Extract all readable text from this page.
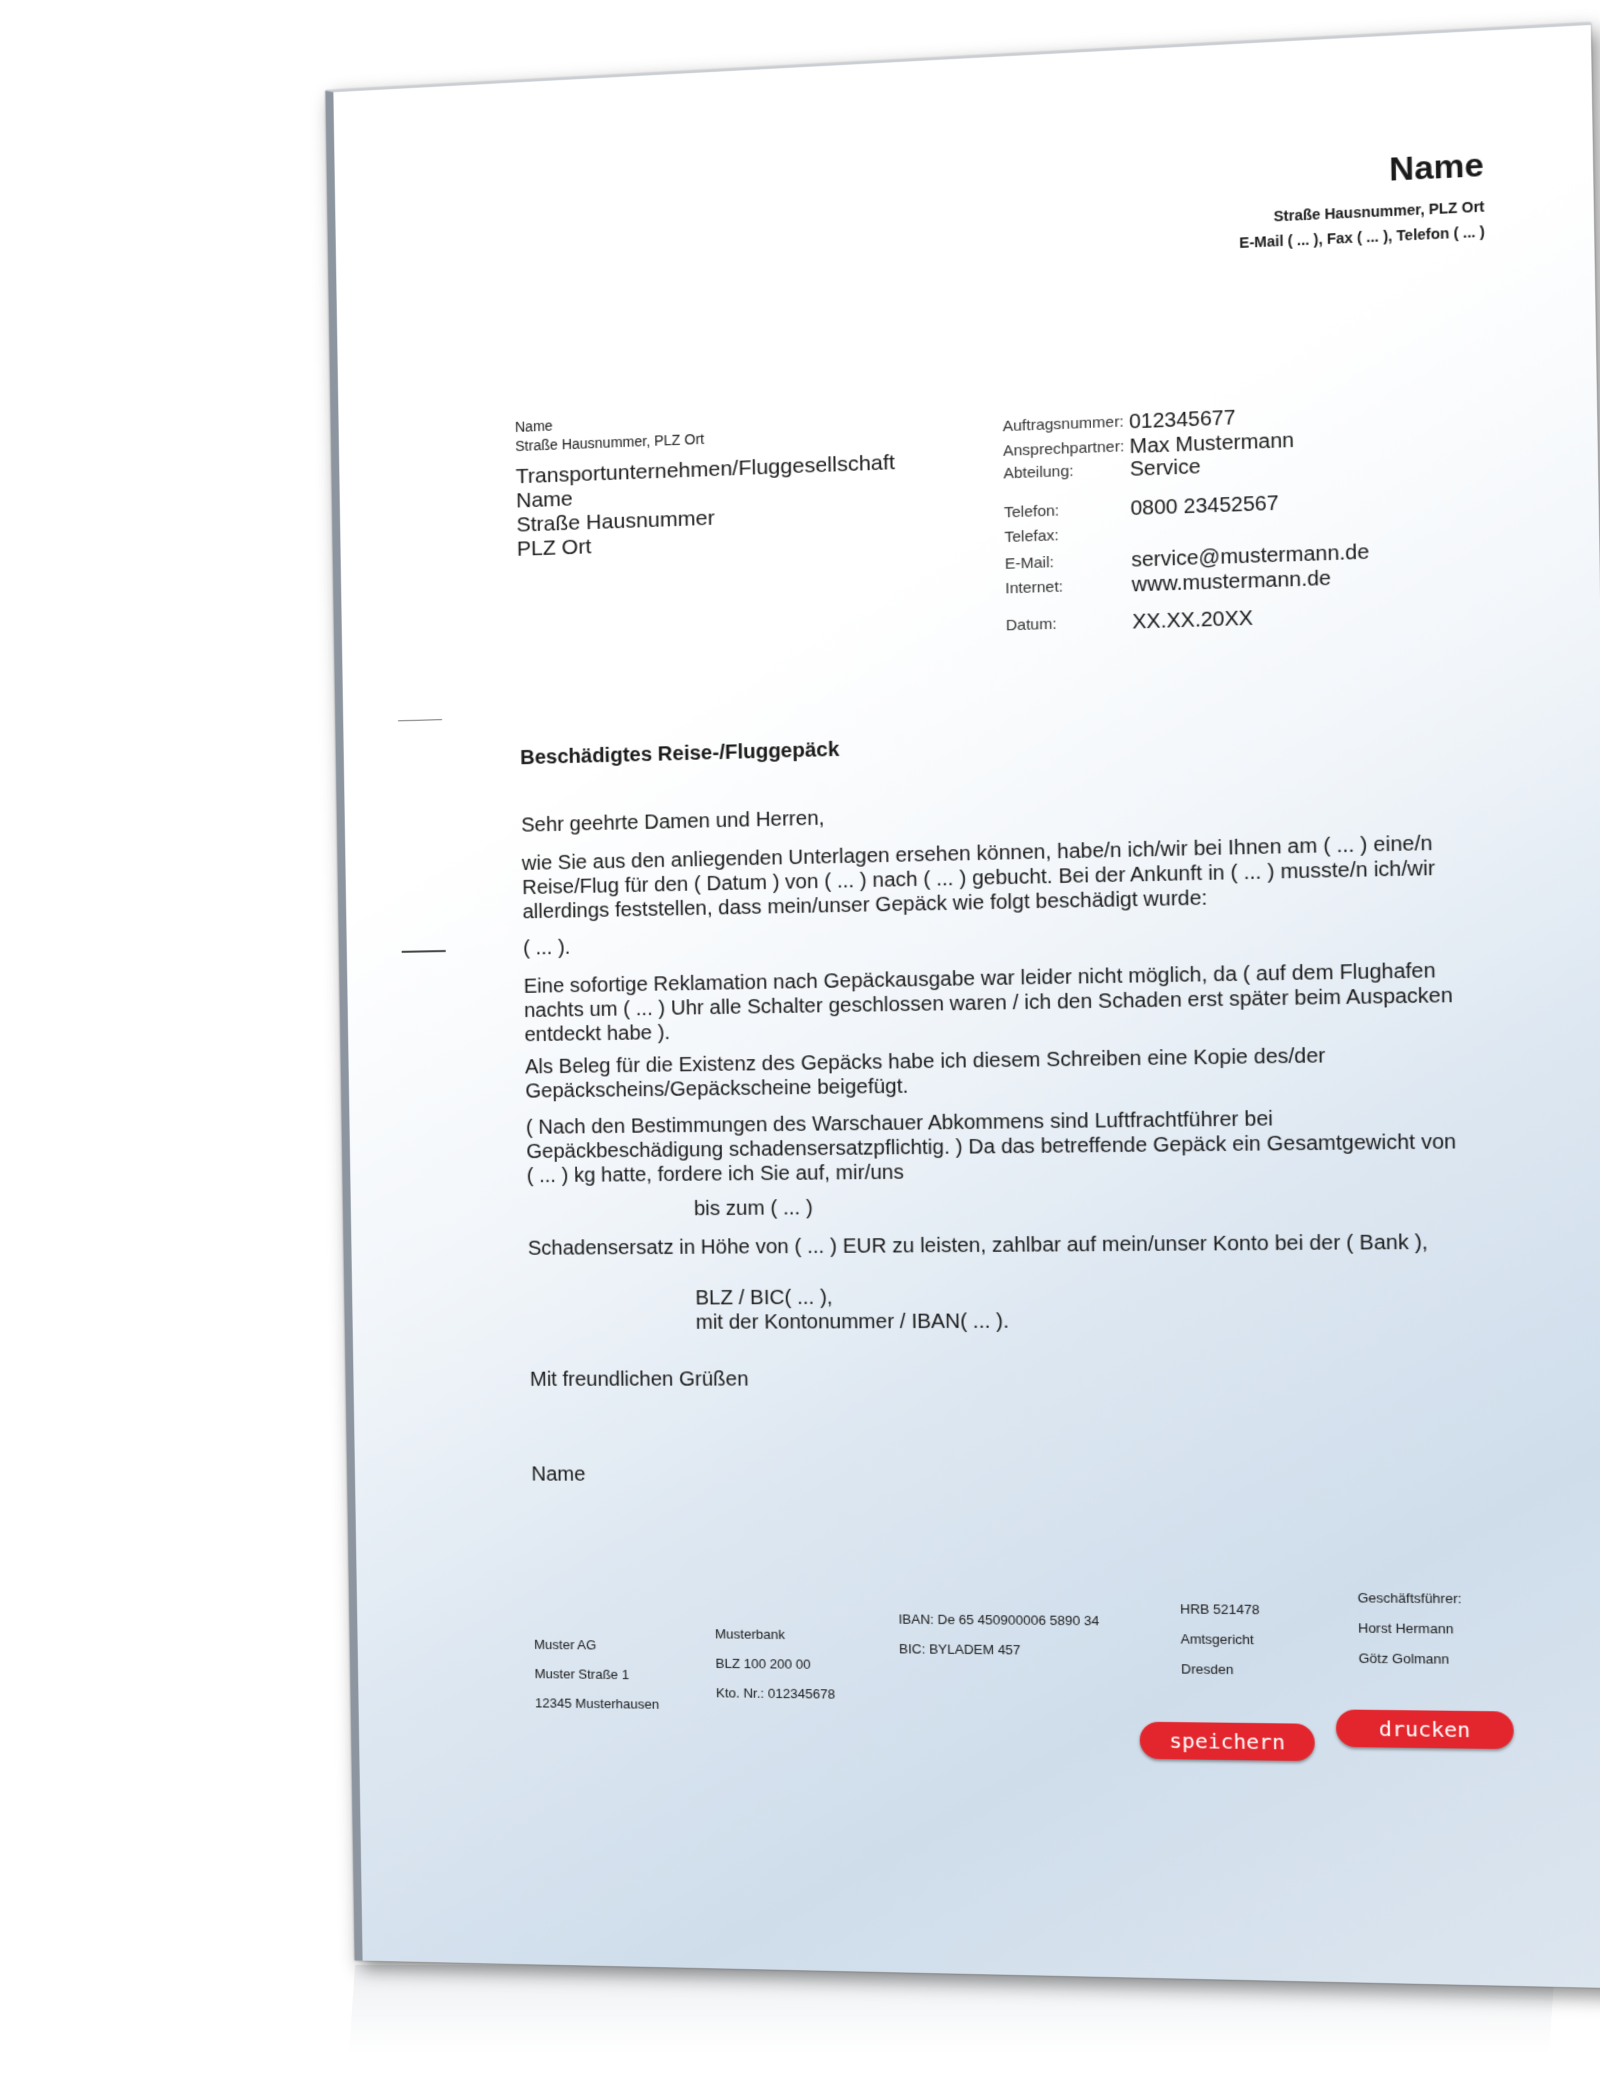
Name
Straße Hausnummer, PLZ Ort
E-Mail ( ... ), Fax ( ... ), Telefon ( ... )
Name
Straße Hausnummer, PLZ Ort
Transportunternehmen/Fluggesellschaft
Name
Straße Hausnummer
PLZ Ort
Auftragsnummer: 012345677
Ansprechpartner: Max Mustermann
Abteilung:	Service
Telefon:	0800 23452567
Telefax:
E-Mail:	service@mustermann.de
Internet:	www.mustermann.de
Datum:	XX.XX.20XX
Beschädigtes Reise-/Fluggepäck
Sehr geehrte Damen und Herren,
wie Sie aus den anliegenden Unterlagen ersehen können, habe/n ich/wir bei Ihnen am ( ... ) eine/n Reise/Flug für den ( Datum ) von ( ... ) nach ( ... ) gebucht. Bei der Ankunft in ( ... ) musste/n ich/wir allerdings feststellen, dass mein/unser Gepäck wie folgt beschädigt wurde:
( ... ).
Eine sofortige Reklamation nach Gepäckausgabe war leider nicht möglich, da ( auf dem Flughafen nachts um ( ... ) Uhr alle Schalter geschlossen waren / ich den Schaden erst später beim Auspacken entdeckt habe ).
Als Beleg für die Existenz des Gepäcks habe ich diesem Schreiben eine Kopie des/der Gepäckscheins/Gepäckscheine beigefügt.
( Nach den Bestimmungen des Warschauer Abkommens sind Luftfrachtführer bei Gepäckbeschädigung schadensersatzpflichtig. ) Da das betreffende Gepäck ein Gesamtgewicht von ( ... ) kg hatte, fordere ich Sie auf, mir/uns
bis zum ( ... )
Schadensersatz in Höhe von ( ... ) EUR zu leisten, zahlbar auf mein/unser Konto bei der ( Bank ),
BLZ / BIC( ... ),
mit der Kontonummer / IBAN( ... ).
Mit freundlichen Grüßen
Name
Muster AG
Muster Straße 1
12345 Musterhausen
Musterbank
BLZ 100 200 00
Kto. Nr.: 012345678
IBAN: De 65 450900006 5890 34
BIC: BYLADEM 457
HRB 521478
Amtsgericht
Dresden
Geschäftsführer:
Horst Hermann
Götz Golmann
speichern	drucken
